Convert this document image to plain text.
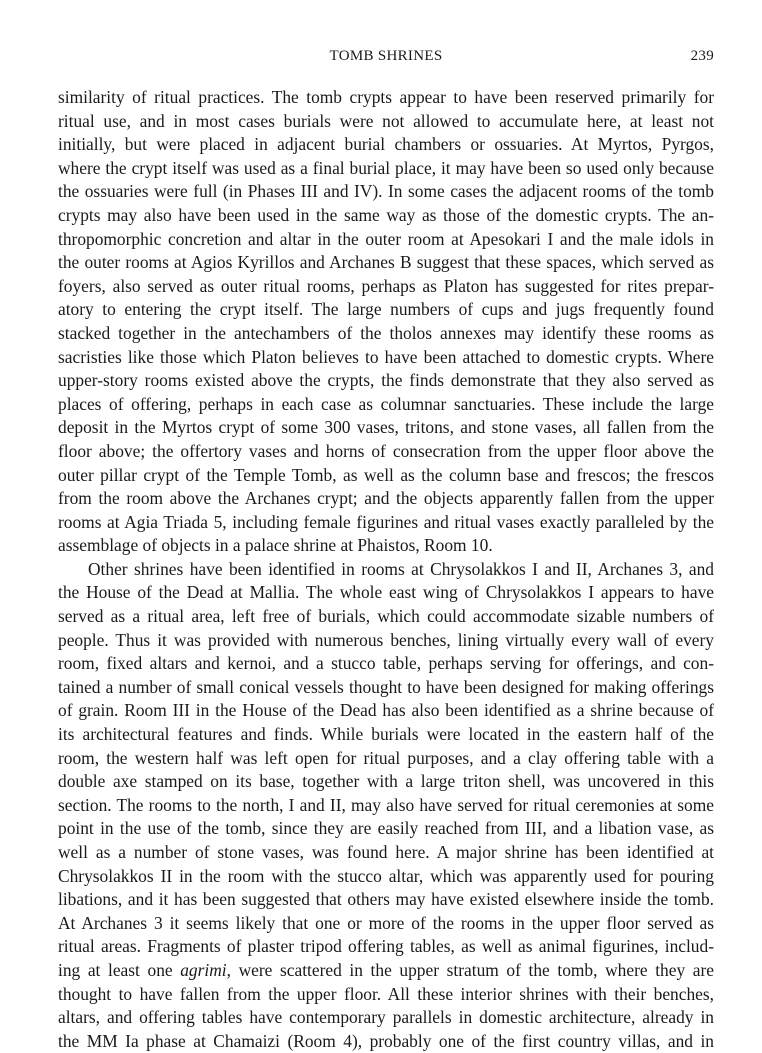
TOMB SHRINES	239
similarity of ritual practices. The tomb crypts appear to have been reserved primarily for
ritual use, and in most cases burials were not allowed to accumulate here, at least not
initially, but were placed in adjacent burial chambers or ossuaries. At Myrtos, Pyrgos,
where the crypt itself was used as a final burial place, it may have been so used only because
the ossuaries were full (in Phases III and IV). In some cases the adjacent rooms of the tomb
crypts may also have been used in the same way as those of the domestic crypts. The an-
thropomorphic concretion and altar in the outer room at Apesokari I and the male idols in
the outer rooms at Agios Kyrillos and Archanes B suggest that these spaces, which served as
foyers, also served as outer ritual rooms, perhaps as Platon has suggested for rites prepar-
atory to entering the crypt itself. The large numbers of cups and jugs frequently found
stacked together in the antechambers of the tholos annexes may identify these rooms as
sacristies like those which Platon believes to have been attached to domestic crypts. Where
upper-story rooms existed above the crypts, the finds demonstrate that they also served as
places of offering, perhaps in each case as columnar sanctuaries. These include the large
deposit in the Myrtos crypt of some 300 vases, tritons, and stone vases, all fallen from the
floor above; the offertory vases and horns of consecration from the upper floor above the
outer pillar crypt of the Temple Tomb, as well as the column base and frescos; the frescos
from the room above the Archanes crypt; and the objects apparently fallen from the upper
rooms at Agia Triada 5, including female figurines and ritual vases exactly paralleled by the
assemblage of objects in a palace shrine at Phaistos, Room 10.
Other shrines have been identified in rooms at Chrysolakkos I and II, Archanes 3, and
the House of the Dead at Mallia. The whole east wing of Chrysolakkos I appears to have
served as a ritual area, left free of burials, which could accommodate sizable numbers of
people. Thus it was provided with numerous benches, lining virtually every wall of every
room, fixed altars and kernoi, and a stucco table, perhaps serving for offerings, and con-
tained a number of small conical vessels thought to have been designed for making offerings
of grain. Room III in the House of the Dead has also been identified as a shrine because of
its architectural features and finds. While burials were located in the eastern half of the
room, the western half was left open for ritual purposes, and a clay offering table with a
double axe stamped on its base, together with a large triton shell, was uncovered in this
section. The rooms to the north, I and II, may also have served for ritual ceremonies at some
point in the use of the tomb, since they are easily reached from III, and a libation vase, as
well as a number of stone vases, was found here. A major shrine has been identified at
Chrysolakkos II in the room with the stucco altar, which was apparently used for pouring
libations, and it has been suggested that others may have existed elsewhere inside the tomb.
At Archanes 3 it seems likely that one or more of the rooms in the upper floor served as
ritual areas. Fragments of plaster tripod offering tables, as well as animal figurines, includ-
ing at least one agrimi, were scattered in the upper stratum of the tomb, where they are
thought to have fallen from the upper floor. All these interior shrines with their benches,
altars, and offering tables have contemporary parallels in domestic architecture, already in
the MM Ia phase at Chamaizi (Room 4), probably one of the first country villas, and in
